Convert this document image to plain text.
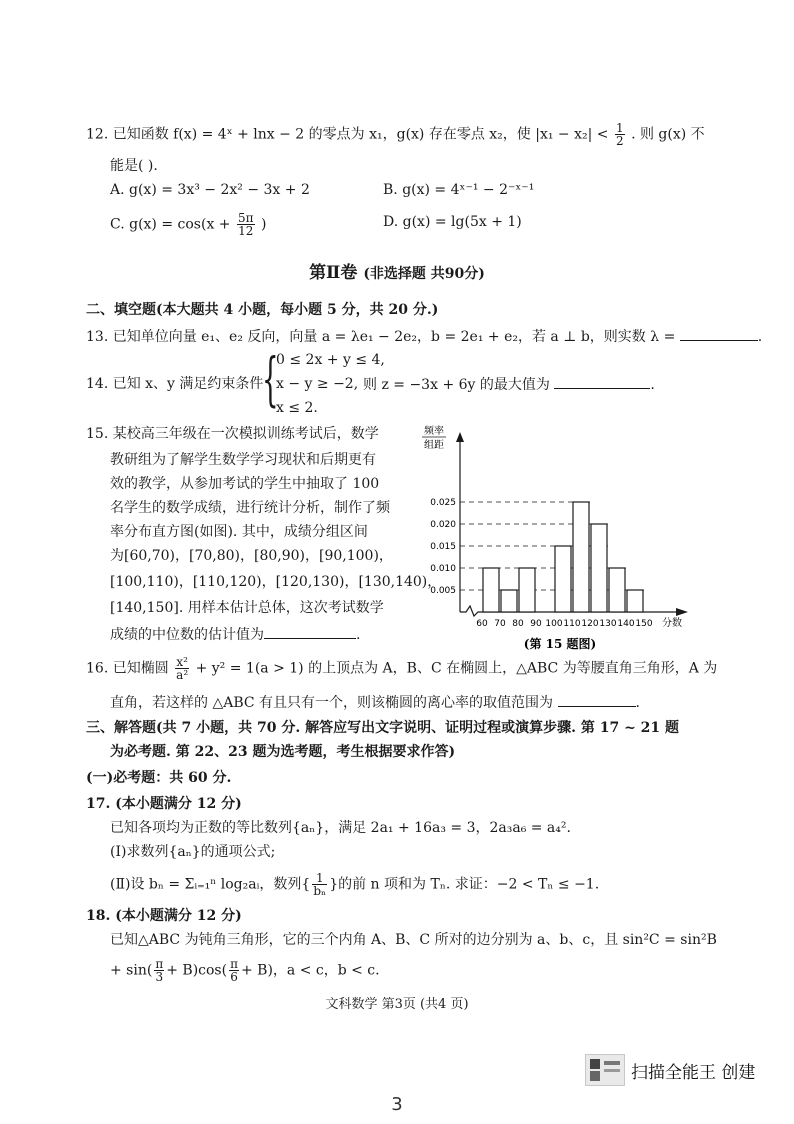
12. 已知函数 f(x) = 4ˣ + lnx − 2 的零点为 x₁，g(x) 存在零点 x₂，使 $|x_1 - x_2| < \frac{1}{2}$ . 则 g(x) 不
能是( ).
A. g(x) = 3x³ − 2x² − 3x + 2	B. g(x) = 4ˣ⁻¹ − 2⁻ˣ⁻¹
C. $g(x) = \cos(x + \frac{5\pi}{12}$ )	D. g(x) = lg(5x + 1)
第Ⅱ卷 (非选择题 共90分)
二、填空题(本大题共 4 小题，每小题 5 分，共 20 分.)
13. 已知单位向量 e₁、e₂ 反向，向量 a = λe₁ − 2e₂，b = 2e₁ + e₂，若 a ⊥ b，则实数 λ =	.
14. 已知 x、y 满足约束条件
{
0 ≤ 2x + y ≤ 4,
x − y ≥ −2,
x ≤ 2.
则 z = −3x + 6y 的最大值为	.
15. 某校高三年级在一次模拟训练考试后，数学
教研组为了解学生数学学习现状和后期更有
效的教学，从参加考试的学生中抽取了 100
名学生的数学成绩，进行统计分析，制作了频
率分布直方图(如图). 其中，成绩分组区间
为[60,70)，[70,80)，[80,90)，[90,100)，
[100,110)，[110,120)，[120,130)，[130,140)，
[140,150]. 用样本估计总体，这次考试数学
成绩的中位数的估计值为	.
频率
组距
0.005
0.010
0.015
0.020
0.025
60 70 80 90 100 110 120 130 140 150 分数
(第 15 题图)
16. 已知椭圆 $\frac{\text{x²}}{\text{a²}} + y^2 = 1(a > 1)$ 的上顶点为 A，B、C 在椭圆上，△ABC 为等腰直角三角形，A 为
直角，若这样的 △ABC 有且只有一个，则该椭圆的离心率的取值范围为	.
三、解答题(共 7 小题，共 70 分. 解答应写出文字说明、证明过程或演算步骤. 第 17 ~ 21 题
为必考题. 第 22、23 题为选考题，考生根据要求作答)
(一)必考题：共 60 分.
17. (本小题满分 12 分)
已知各项均为正数的等比数列{aₙ}，满足 2a₁ + 16a₃ = 3，2a₃a₆ = a₄².
(Ⅰ)求数列{aₙ}的通项公式;
(Ⅱ)设 bₙ = Σᵢ₌₁ⁿ log₂aᵢ，数列{ $\frac{1}{\text{bₙ}}$ }的前 n 项和为 Tₙ. 求证：−2 < Tₙ ≤ −1.
18. (本小题满分 12 分)
已知△ABC 为钝角三角形，它的三个内角 A、B、C 所对的边分别为 a、b、c，且 sin²C = sin²B
+ $\sin( \frac{\pi}{3} + B)\cos( \frac{\pi}{6} + B)$，a < c，b < c.
文科数学 第3页 (共4 页)
扫描全能王 创建
3
